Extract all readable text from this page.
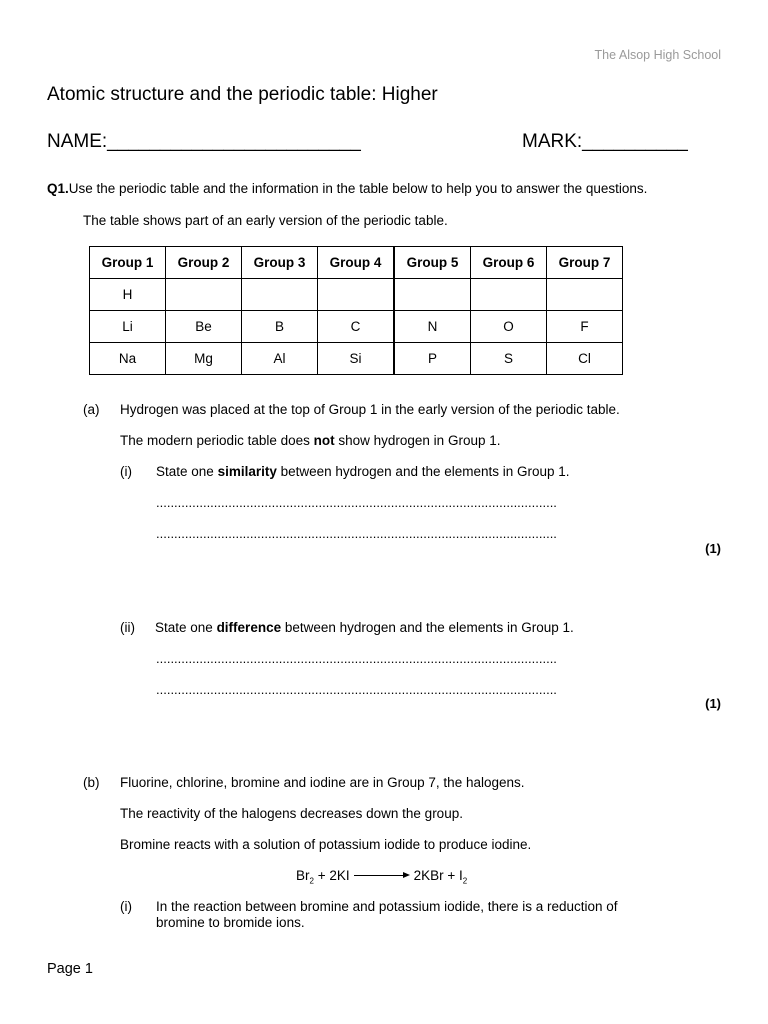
The Alsop High School
Atomic structure and the periodic table: Higher
NAME:________________________	MARK:__________
Q1.Use the periodic table and the information in the table below to help you to answer the questions.
The table shows part of an early version of the periodic table.
Group 1	Group 2	Group 3	Group 4	Group 5	Group 6	Group 7
H						
Li	Be	B	C	N	O	F
Na	Mg	Al	Si	P	S	Cl
(a) Hydrogen was placed at the top of Group 1 in the early version of the periodic table.
The modern periodic table does not show hydrogen in Group 1.
(i) State one similarity between hydrogen and the elements in Group 1.
...............................................................................................................
...............................................................................................................
(1)
(ii) State one difference between hydrogen and the elements in Group 1.
...............................................................................................................
...............................................................................................................
(1)
(b) Fluorine, chlorine, bromine and iodine are in Group 7, the halogens.
The reactivity of the halogens decreases down the group.
Bromine reacts with a solution of potassium iodide to produce iodine.
$Br_2 + 2KI$	$2KBr + I_2$
(i) In the reaction between bromine and potassium iodide, there is a reduction of
bromine to bromide ions.
Page 1
